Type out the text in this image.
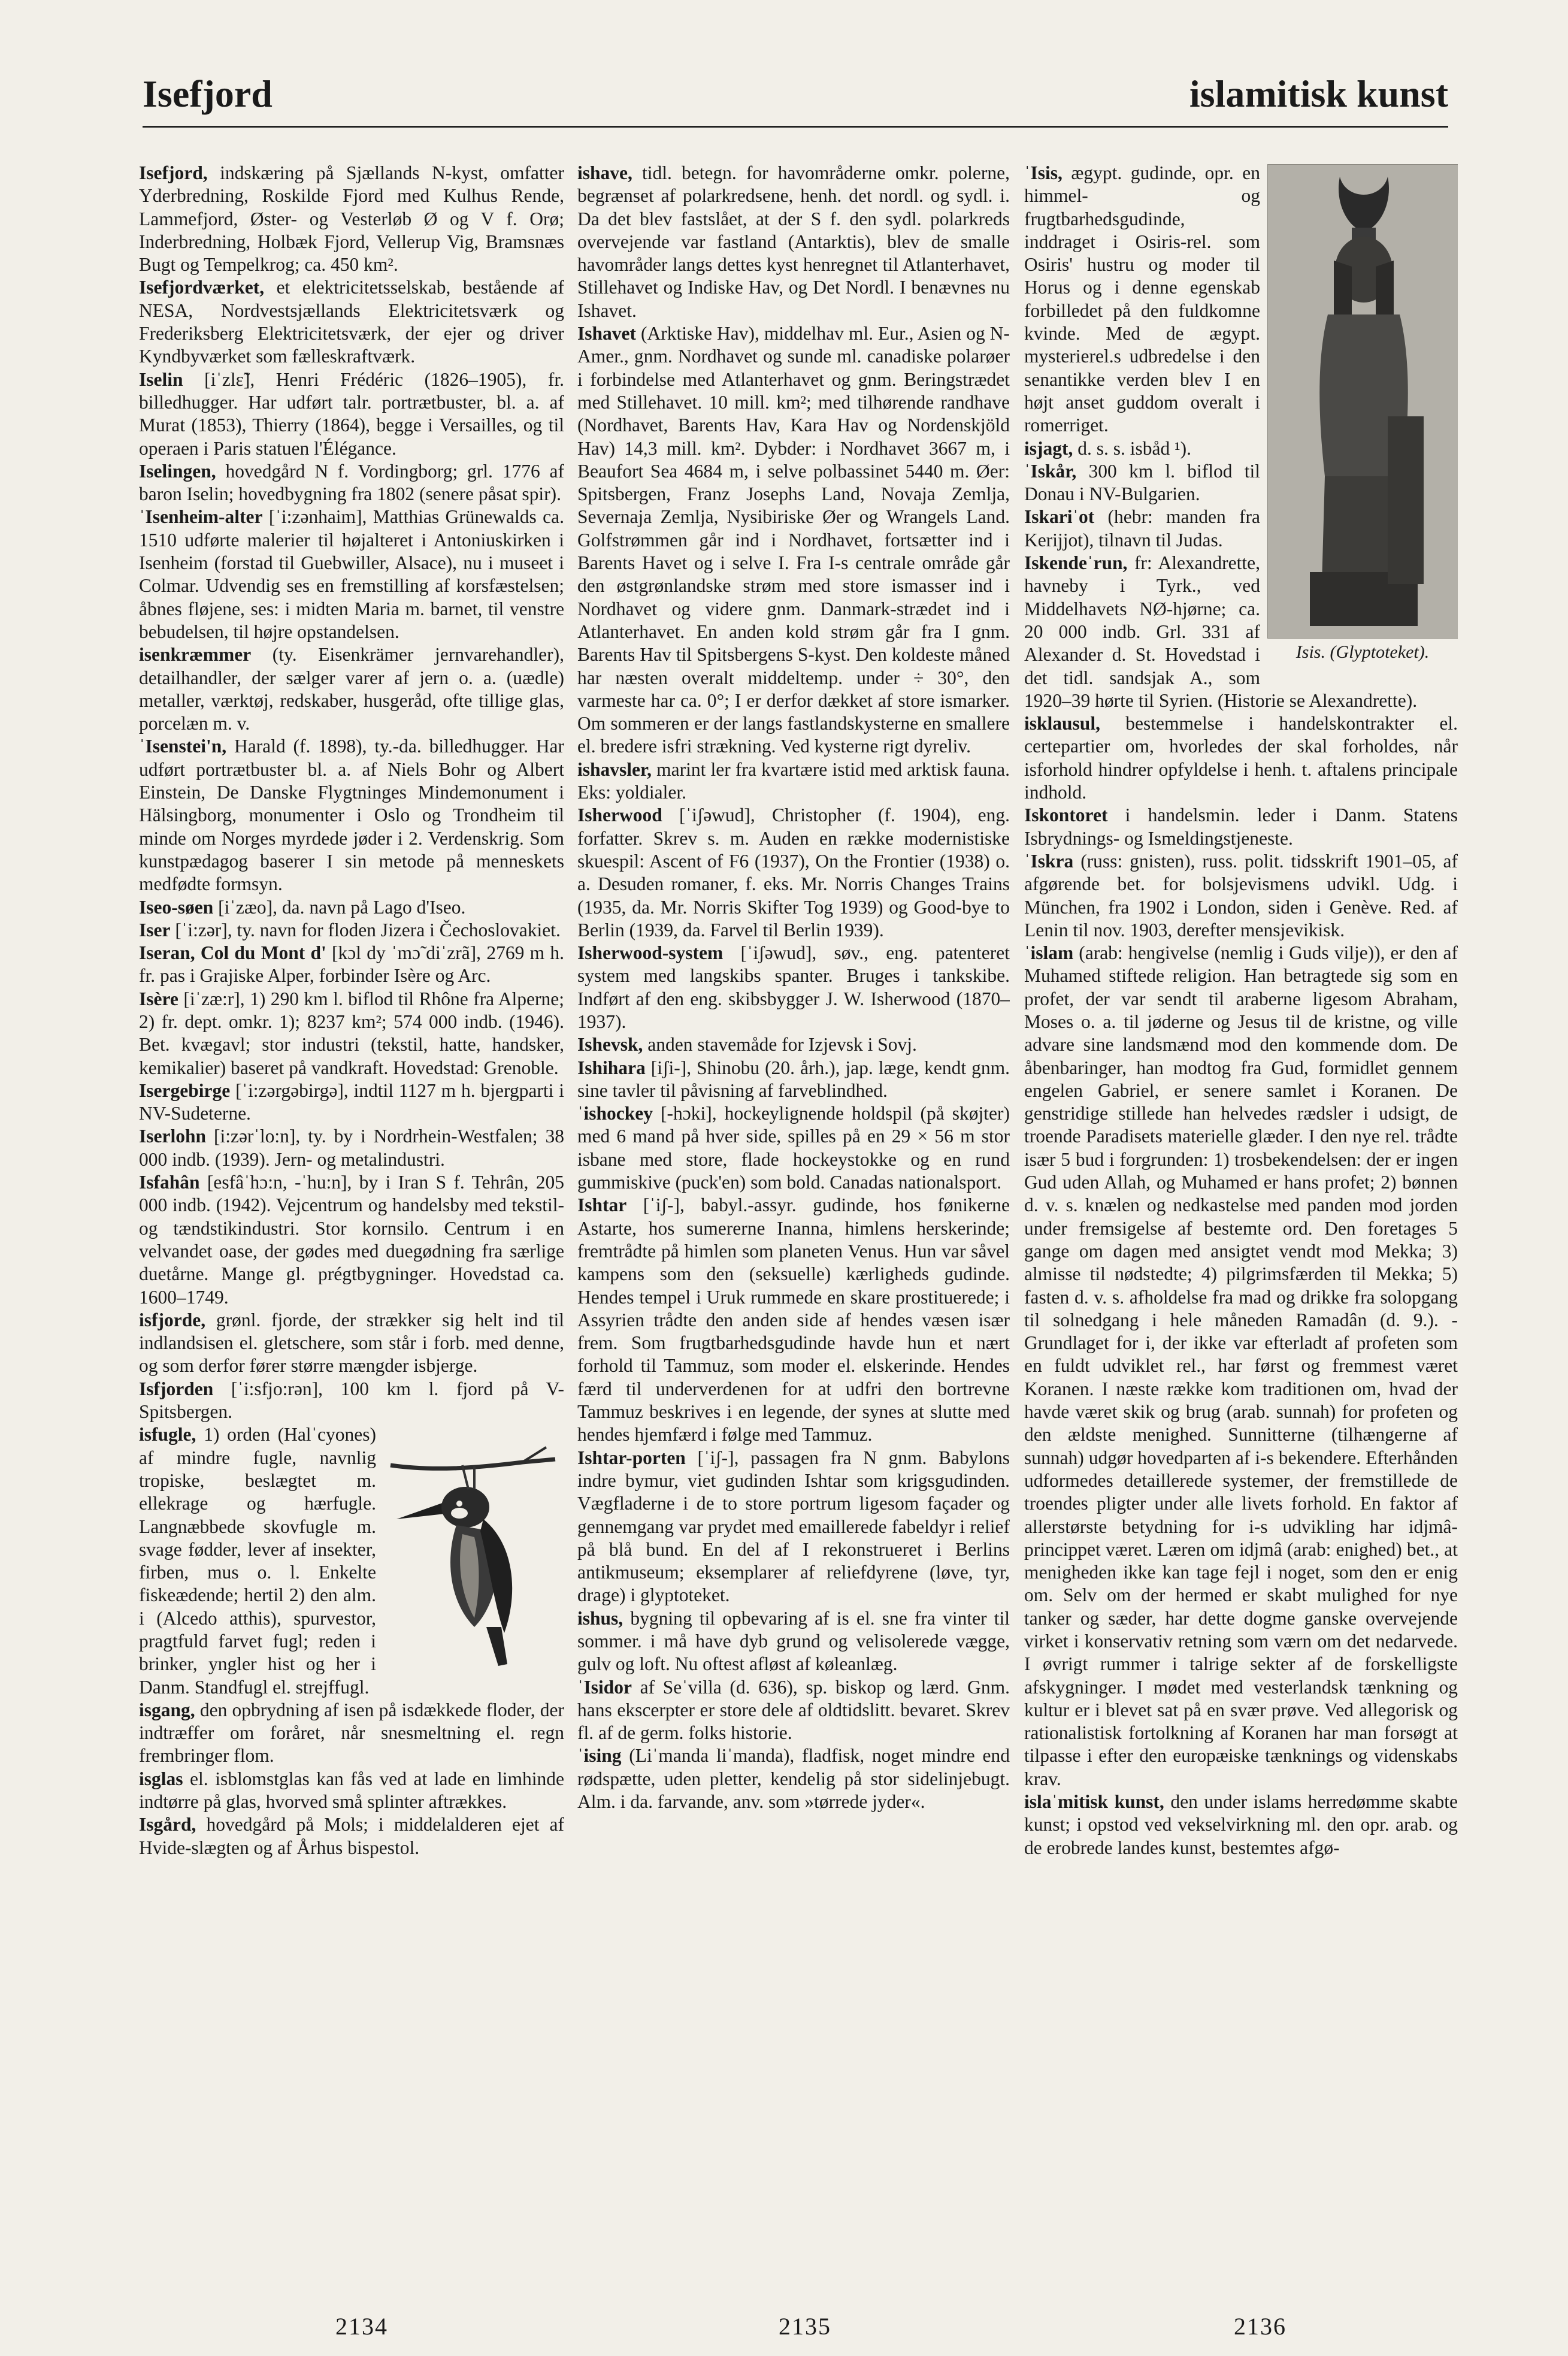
Isefjord	islamitisk kunst

Isefjord, indskæring på Sjællands N-kyst, omfatter Yderbredning, Roskilde Fjord med Kulhus Rende, Lammefjord, Øster- og Vesterløb Ø og V f. Orø; Inderbredning, Holbæk Fjord, Vellerup Vig, Bramsnæs Bugt og Tempelkrog; ca. 450 km².

Isefjordværket, et elektricitetsselskab, bestående af NESA, Nordvestsjællands Elektricitetsværk og Frederiksberg Elektricitetsværk, der ejer og driver Kyndbyværket som fælleskraftværk.

Iselin [iˈzlɛ̃], Henri Frédéric (1826–1905), fr. billedhugger. Har udført talr. portrætbuster, bl. a. af Murat (1853), Thierry (1864), begge i Versailles, og til operaen i Paris statuen l'Élégance.

Iselingen, hovedgård N f. Vordingborg; grl. 1776 af baron Iselin; hovedbygning fra 1802 (senere påsat spir).

ˈIsenheim-alter [ˈi:zənhaim], Matthias Grünewalds ca. 1510 udførte malerier til højalteret i Antoniuskirken i Isenheim (forstad til Guebwiller, Alsace), nu i museet i Colmar. Udvendig ses en fremstilling af korsfæstelsen; åbnes fløjene, ses: i midten Maria m. barnet, til venstre bebudelsen, til højre opstandelsen.

isenkræmmer (ty. Eisenkrämer jernvarehandler), detailhandler, der sælger varer af jern o. a. (uædle) metaller, værktøj, redskaber, husgeråd, ofte tillige glas, porcelæn m. v.

ˈIsenstei'n, Harald (f. 1898), ty.-da. billedhugger. Har udført portrætbuster bl. a. af Niels Bohr og Albert Einstein, De Danske Flygtninges Mindemonument i Hälsingborg, monumenter i Oslo og Trondheim til minde om Norges myrdede jøder i 2. Verdenskrig. Som kunstpædagog baserer I sin metode på menneskets medfødte formsyn.

Iseo-søen [iˈzæo], da. navn på Lago d'Iseo.

Iser [ˈi:zər], ty. navn for floden Jizera i Čechoslovakiet.

Iseran, Col du Mont d' [kɔl dy ˈmɔ̃ diˈzrã], 2769 m h. fr. pas i Grajiske Alper, forbinder Isère og Arc.

Isère [iˈzæ:r], 1) 290 km l. biflod til Rhône fra Alperne; 2) fr. dept. omkr. 1); 8237 km²; 574 000 indb. (1946). Bet. kvægavl; stor industri (tekstil, hatte, handsker, kemikalier) baseret på vandkraft. Hovedstad: Grenoble.

Isergebirge [ˈi:zərgəbirgə], indtil 1127 m h. bjergparti i NV-Sudeterne.

Iserlohn [i:zərˈlo:n], ty. by i Nordrhein-Westfalen; 38 000 indb. (1939). Jern- og metalindustri.

Isfahân [esfâˈhɔ:n, -ˈhu:n], by i Iran S f. Tehrân, 205 000 indb. (1942). Vejcentrum og handelsby med tekstil- og tændstikindustri. Stor kornsilo. Centrum i en velvandet oase, der gødes med duegødning fra særlige duetårne. Mange gl. prégtbygninger. Hovedstad ca. 1600–1749.

isfjorde, grønl. fjorde, der strækker sig helt ind til indlandsisen el. gletschere, som står i forb. med denne, og som derfor fører større mængder isbjerge.

Isfjorden [ˈi:sfjo:rən], 100 km l. fjord på V-Spitsbergen.

isfugle,
1) orden (Halˈcyones) af mindre fugle, navnlig tropiske, beslægtet m. ellekrage og hærfugle. Langnæbbede skovfugle m. svage fødder, lever af insekter, firben, mus o. l. Enkelte fiskeædende; hertil 2) den alm. i (Alcedo atthis), spurvestor, pragtfuld farvet fugl; reden i brinker, yngler hist og her i Danm. Standfugl el. strejffugl.

isgang, den opbrydning af isen på isdækkede floder, der indtræffer om foråret, når snesmeltning el. regn frembringer flom.

isglas el. isblomstglas kan fås ved at lade en limhinde indtørre på glas, hvorved små splinter aftrækkes.

Isgård, hovedgård på Mols; i middelalderen ejet af Hvide-slægten og af Århus bispestol.

ishave, tidl. betegn. for havområderne omkr. polerne, begrænset af polarkredsene, henh. det nordl. og sydl. i. Da det blev fastslået, at der S f. den sydl. polarkreds overvejende var fastland (Antarktis), blev de smalle havområder langs dettes kyst henregnet til Atlanterhavet, Stillehavet og Indiske Hav, og Det Nordl. I benævnes nu Ishavet.

Ishavet (Arktiske Hav), middelhav ml. Eur., Asien og N-Amer., gnm. Nordhavet og sunde ml. canadiske polarøer i forbindelse med Atlanterhavet og gnm. Beringstrædet med Stillehavet. 10 mill. km²; med tilhørende randhave (Nordhavet, Barents Hav, Kara Hav og Nordenskjöld Hav) 14,3 mill. km². Dybder: i Nordhavet 3667 m, i Beaufort Sea 4684 m, i selve polbassinet 5440 m. Øer: Spitsbergen, Franz Josephs Land, Novaja Zemlja, Severnaja Zemlja, Nysibiriske Øer og Wrangels Land. Golfstrømmen går ind i Nordhavet, fortsætter ind i Barents Havet og i selve I. Fra I-s centrale område går den østgrønlandske strøm med store ismasser ind i Nordhavet og videre gnm. Danmark-strædet ind i Atlanterhavet. En anden kold strøm går fra I gnm. Barents Hav til Spitsbergens S-kyst. Den koldeste måned har næsten overalt middeltemp. under ÷ 30°, den varmeste har ca. 0°; I er derfor dækket af store ismarker. Om sommeren er der langs fastlandskysterne en smallere el. bredere isfri strækning. Ved kysterne rigt dyreliv.

ishavsler, marint ler fra kvartære istid med arktisk fauna. Eks: yoldialer.

Isherwood [ˈiʃəwud], Christopher (f. 1904), eng. forfatter. Skrev s. m. Auden en række modernistiske skuespil: Ascent of F6 (1937), On the Frontier (1938) o. a. Desuden romaner, f. eks. Mr. Norris Changes Trains (1935, da. Mr. Norris Skifter Tog 1939) og Good-bye to Berlin (1939, da. Farvel til Berlin 1939).

Isherwood-system [ˈiʃəwud], søv., eng. patenteret system med langskibs spanter. Bruges i tankskibe. Indført af den eng. skibsbygger J. W. Isherwood (1870–1937).

Ishevsk, anden stavemåde for Izjevsk i Sovj.

Ishihara [iʃi-], Shinobu (20. årh.), jap. læge, kendt gnm. sine tavler til påvisning af farveblindhed.

ˈishockey [-hɔki], hockeylignende holdspil (på skøjter) med 6 mand på hver side, spilles på en 29 × 56 m stor isbane med store, flade hockeystokke og en rund gummiskive (puck'en) som bold. Canadas nationalsport.

Ishtar [ˈiʃ-], babyl.-assyr. gudinde, hos fønikerne Astarte, hos sumererne Inanna, himlens herskerinde; fremtrådte på himlen som planeten Venus. Hun var såvel kampens som den (seksuelle) kærligheds gudinde. Hendes tempel i Uruk rummede en skare prostituerede; i Assyrien trådte den anden side af hendes væsen især frem. Som frugtbarhedsgudinde havde hun et nært forhold til Tammuz, som moder el. elskerinde. Hendes færd til underverdenen for at udfri den bortrevne Tammuz beskrives i en legende, der synes at slutte med hendes hjemfærd i følge med Tammuz.

Ishtar-porten [ˈiʃ-], passagen fra N gnm. Babylons indre bymur, viet gudinden Ishtar som krigsgudinden. Vægfladerne i de to store portrum ligesom façader og gennemgang var prydet med emaillerede fabeldyr i relief på blå bund. En del af I rekonstrueret i Berlins antikmuseum; eksemplarer af reliefdyrene (løve, tyr, drage) i glyptoteket.

ishus, bygning til opbevaring af is el. sne fra vinter til sommer. i må have dyb grund og velisolerede vægge, gulv og loft. Nu oftest afløst af kølеanlæg.

ˈIsidor af Seˈvilla (d. 636), sp. biskop og lærd. Gnm. hans ekscerpter er store dele af oldtidslitt. bevaret. Skrev fl. af de germ. folks historie.

ˈising (Liˈmanda liˈmanda), fladfisk, noget mindre end rødspætte, uden pletter, kendelig på stor sidelinjebugt. Alm. i da. farvande, anv. som »tørrede jyder«.

Isis. (Glyptoteket).
ˈIsis, ægypt. gudinde, opr. en himmel- og frugtbarhedsgudinde, inddraget i Osiris-rel. som Osiris' hustru og moder til Horus og i denne egenskab forbilledet på den fuldkomne kvinde. Med de ægypt. mysterierel.s udbredelse i den senantikke verden blev I en højt anset guddom overalt i romerriget.

isjagt, d. s. s. isbåd ¹).

ˈIskår, 300 km l. biflod til Donau i NV-Bulgarien.

Iskariˈot (hebr: manden fra Kerijjot), tilnavn til Judas.

Iskendeˈrun, fr: Alexandrette, havneby i Tyrk., ved Middelhavets NØ-hjørne; ca. 20 000 indb. Grl. 331 af Alexander d. St. Hovedstad i det tidl. sandsjak A., som 1920–39 hørte til Syrien. (Historie se Alexandrette).

isklausul, bestemmelse i handelskontrakter el. certepartier om, hvorledes der skal forholdes, når isforhold hindrer opfyldelse i henh. t. aftalens principale indhold.

Iskontoret i handelsmin. leder i Danm. Statens Isbrydnings- og Ismeldingstjeneste.

ˈIskra (russ: gnisten), russ. polit. tidsskrift 1901–05, af afgørende bet. for bolsjevismens udvikl. Udg. i München, fra 1902 i London, siden i Genève. Red. af Lenin til nov. 1903, derefter mensjevikisk.

ˈislam (arab: hengivelse (nemlig i Guds vilje)), er den af Muhamed stiftede religion. Han betragtede sig som en profet, der var sendt til araberne ligesom Abraham, Moses o. a. til jøderne og Jesus til de kristne, og ville advare sine landsmænd mod den kommende dom. De åbenbaringer, han modtog fra Gud, formidlet gennem engelen Gabriel, er senere samlet i Koranen. De genstridige stillede han helvedes rædsler i udsigt, de troende Paradisets materielle glæder. I den nye rel. trådte især 5 bud i forgrunden: 1) trosbekendelsen: der er ingen Gud uden Allah, og Muhamed er hans profet; 2) bønnen d. v. s. knælen og nedkastelse med panden mod jorden under fremsigelse af bestemte ord. Den foretages 5 gange om dagen med ansigtet vendt mod Mekka; 3) almisse til nødstedte; 4) pilgrimsfærden til Mekka; 5) fasten d. v. s. afholdelse fra mad og drikke fra solopgang til solnedgang i hele måneden Ramadân (d. 9.). - Grundlaget for i, der ikke var efterladt af profeten som en fuldt udviklet rel., har først og fremmest været Koranen. I næste række kom traditionen om, hvad der havde været skik og brug (arab. sunnah) for profeten og den ældste menighed. Sunnitterne (tilhængerne af sunnah) udgør hovedparten af i-s bekendere. Efterhånden udformedes detaillerede systemer, der fremstillede de troendes pligter under alle livets forhold. En faktor af allerstørste betydning for i-s udvikling har idjmâ-princippet været. Læren om idjmâ (arab: enighed) bet., at menigheden ikke kan tage fejl i noget, som den er enig om. Selv om der hermed er skabt mulighed for nye tanker og sæder, har dette dogme ganske overvejende virket i konservativ retning som værn om det nedarvede. I øvrigt rummer i talrige sekter af de forskelligste afskygninger. I mødet med vesterlandsk tænkning og kultur er i blevet sat på en svær prøve. Ved allegorisk og rationalistisk fortolkning af Koranen har man forsøgt at tilpasse i efter den europæiske tænknings og videnskabs krav.

islaˈmitisk kunst, den under islams herredømme skabte kunst; i opstod ved vekselvirkning ml. den opr. arab. og de erobrede landes kunst, bestemtes afgø-

2134	2135	2136
